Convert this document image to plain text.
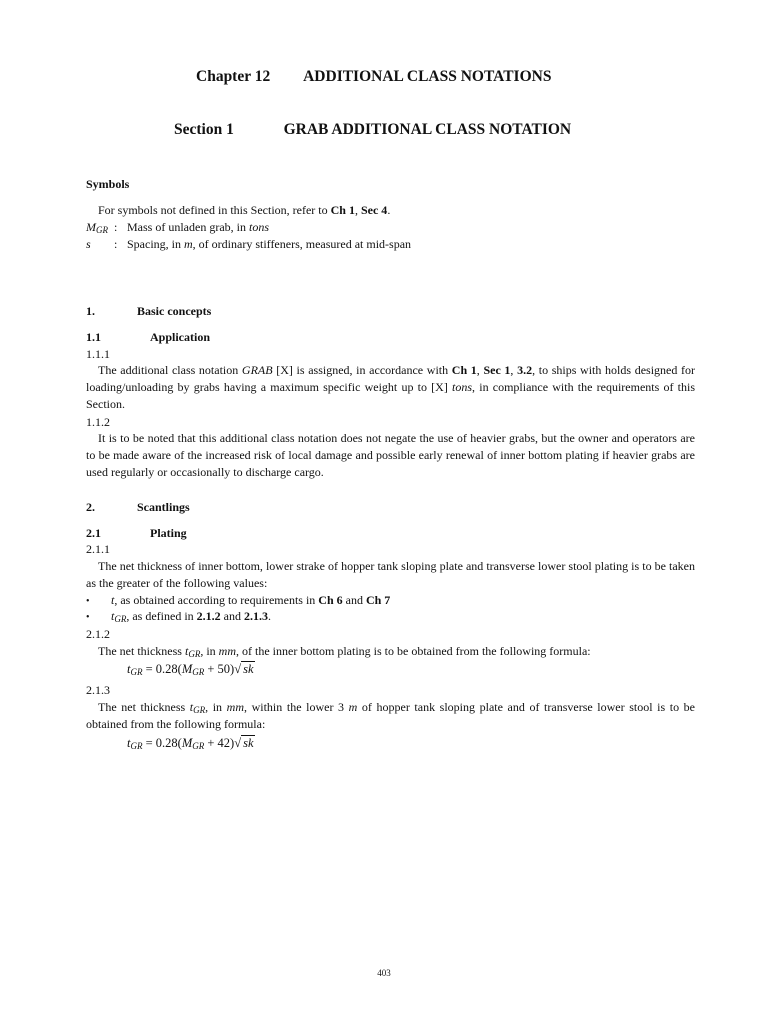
Chapter 12 ADDITIONAL CLASS NOTATIONS
Section 1	GRAB ADDITIONAL CLASS NOTATION
Symbols
For symbols not defined in this Section, refer to Ch 1, Sec 4.
$M_{GR}$ : Mass of unladen grab, in tons
s : Spacing, in m, of ordinary stiffeners, measured at mid-span
1.	Basic concepts
1.1	Application
1.1.1
The additional class notation GRAB [X] is assigned, in accordance with Ch 1, Sec 1, 3.2, to ships with holds designed for loading/unloading by grabs having a maximum specific weight up to [X] tons, in compliance with the requirements of this Section.
1.1.2
It is to be noted that this additional class notation does not negate the use of heavier grabs, but the owner and operators are to be made aware of the increased risk of local damage and possible early renewal of inner bottom plating if heavier grabs are used regularly or occasionally to discharge cargo.
2.	Scantlings
2.1	Plating
2.1.1
The net thickness of inner bottom, lower strake of hopper tank sloping plate and transverse lower stool plating is to be taken as the greater of the following values:
• t, as obtained according to requirements in Ch 6 and Ch 7
• $t_{GR}$, as defined in 2.1.2 and 2.1.3.
2.1.2
The net thickness $t_{GR}$, in mm, of the inner bottom plating is to be obtained from the following formula:
$t_{GR} = 0.28(M_{GR} + 50)√$ sk
2.1.3
The net thickness $t_{GR}$, in mm, within the lower 3 m of hopper tank sloping plate and of transverse lower stool is to be obtained from the following formula:
$t_{GR} = 0.28(M_{GR} + 42)√$ sk
403
